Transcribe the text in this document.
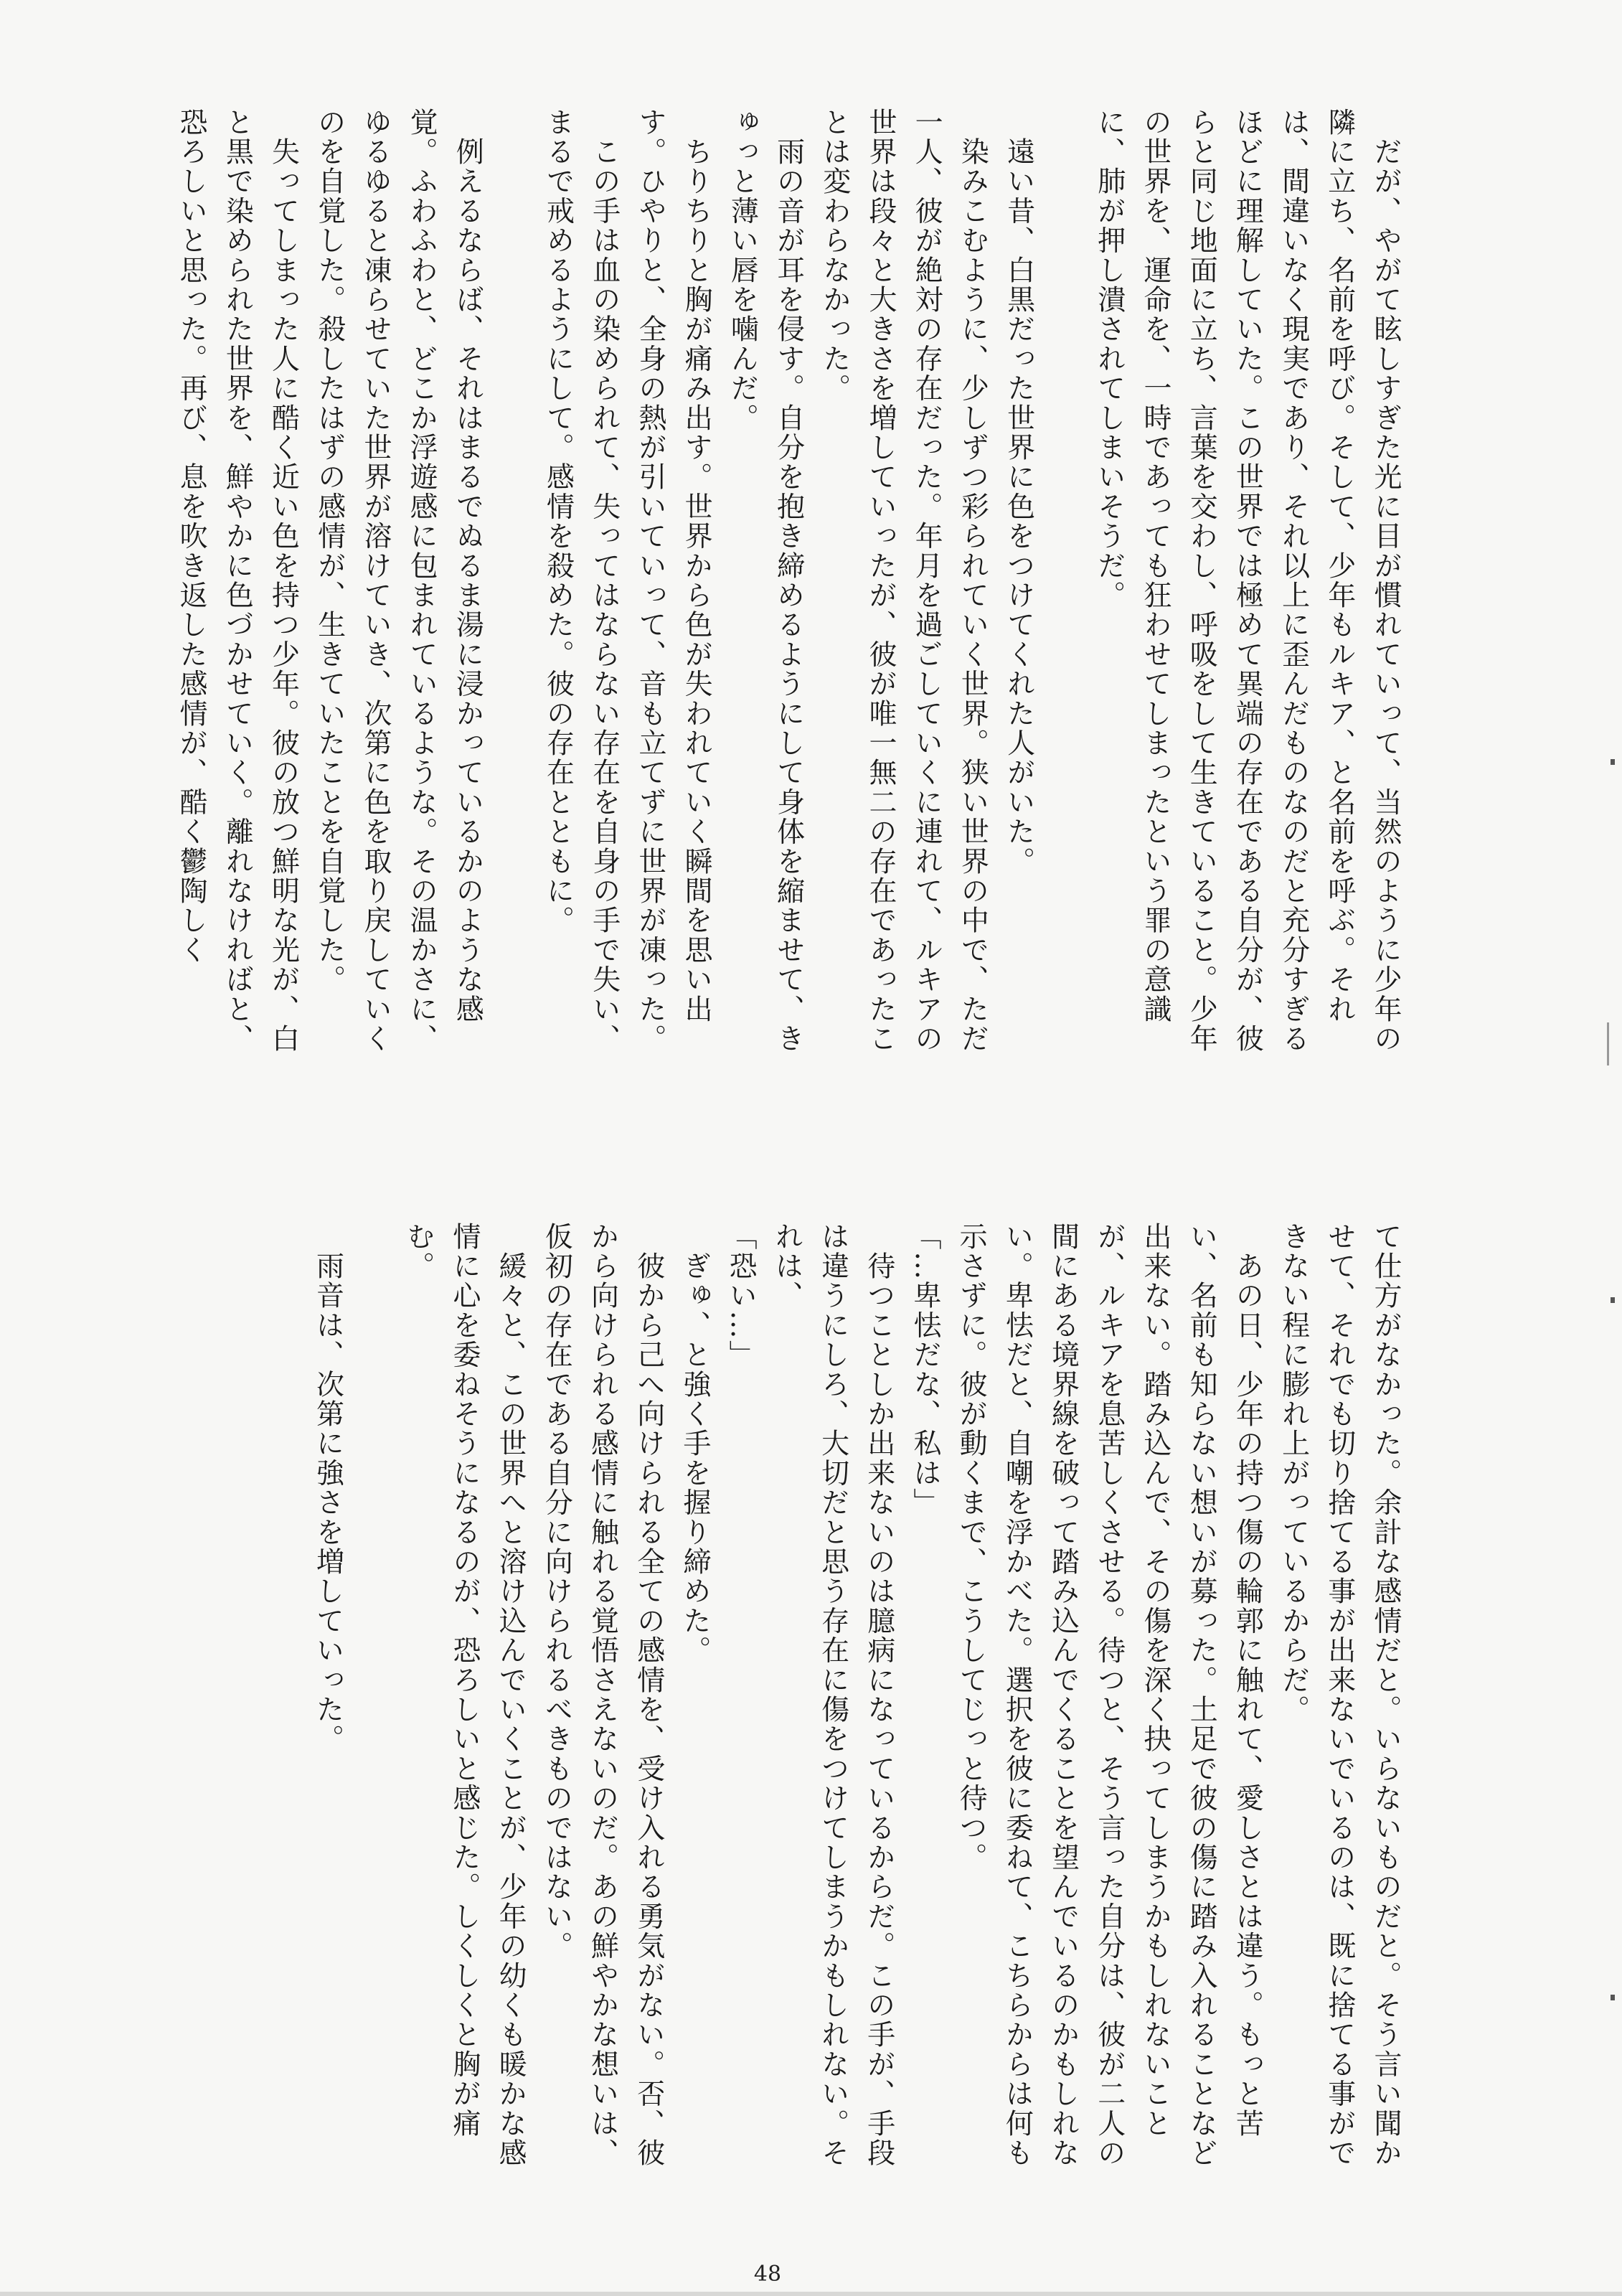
　だが、やがて眩しすぎた光に目が慣れていって、当然のように少年の隣に立ち、名前を呼び。そして、少年もルキア、と名前を呼ぶ。それは、間違いなく現実であり、それ以上に歪んだものなのだと充分すぎるほどに理解していた。この世界では極めて異端の存在である自分が、彼らと同じ地面に立ち、言葉を交わし、呼吸をして生きていること。少年の世界を、運命を、一時であっても狂わせてしまったという罪の意識に、肺が押し潰されてしまいそうだ。

　遠い昔、白黒だった世界に色をつけてくれた人がいた。

　染みこむように、少しずつ彩られていく世界。狭い世界の中で、ただ一人、彼が絶対の存在だった。年月を過ごしていくに連れて、ルキアの世界は段々と大きさを増していったが、彼が唯一無二の存在であったことは変わらなかった。

　雨の音が耳を侵す。自分を抱き締めるようにして身体を縮ませて、きゅっと薄い唇を噛んだ。

　ちりちりと胸が痛み出す。世界から色が失われていく瞬間を思い出す。ひやりと、全身の熱が引いていって、音も立てずに世界が凍った。

　この手は血の染められて、失ってはならない存在を自身の手で失い、まるで戒めるようにして。感情を殺めた。彼の存在とともに。

　例えるならば、それはまるでぬるま湯に浸かっているかのような感覚。ふわふわと、どこか浮遊感に包まれているような。その温かさに、ゆるゆると凍らせていた世界が溶けていき、次第に色を取り戻していくのを自覚した。殺したはずの感情が、生きていたことを自覚した。

　失ってしまった人に酷く近い色を持つ少年。彼の放つ鮮明な光が、白と黒で染められた世界を、鮮やかに色づかせていく。離れなければと、恐ろしいと思った。再び、息を吹き返した感情が、酷く鬱陶しく

て仕方がなかった。余計な感情だと。いらないものだと。そう言い聞かせて、それでも切り捨てる事が出来ないでいるのは、既に捨てる事ができない程に膨れ上がっているからだ。

　あの日、少年の持つ傷の輪郭に触れて、愛しさとは違う。もっと苦い、名前も知らない想いが募った。土足で彼の傷に踏み入れることなど出来ない。踏み込んで、その傷を深く抉ってしまうかもしれないことが、ルキアを息苦しくさせる。待つと、そう言った自分は、彼が二人の間にある境界線を破って踏み込んでくることを望んでいるのかもしれない。卑怯だと、自嘲を浮かべた。選択を彼に委ねて、こちらからは何も示さずに。彼が動くまで、こうしてじっと待つ。

「…卑怯だな、私は」

　待つことしか出来ないのは臆病になっているからだ。この手が、手段は違うにしろ、大切だと思う存在に傷をつけてしまうかもしれない。それは、

「恐い…」

　ぎゅ、と強く手を握り締めた。

　彼から己へ向けられる全ての感情を、受け入れる勇気がない。否、彼から向けられる感情に触れる覚悟さえないのだ。あの鮮やかな想いは、仮初の存在である自分に向けられるべきものではない。

　緩々と、この世界へと溶け込んでいくことが、少年の幼くも暖かな感情に心を委ねそうになるのが、恐ろしいと感じた。しくしくと胸が痛む。

　雨音は、次第に強さを増していった。

48
